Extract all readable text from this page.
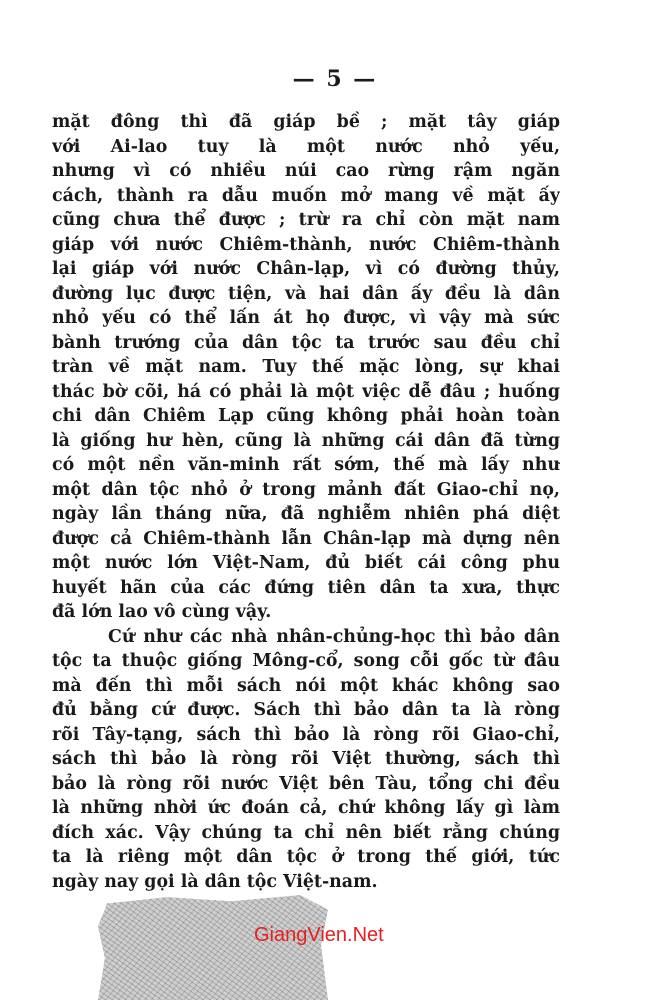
— 5 —
mặt đông thì đã giáp bề ; mặt tây giáp
với Ai-lao tuy là một nước nhỏ yếu,
nhưng vì có nhiều núi cao rừng rậm ngăn
cách, thành ra dẫu muốn mở mang về mặt ấy
cũng chưa thể được ; trừ ra chỉ còn mặt nam
giáp với nước Chiêm-thành, nước Chiêm-thành
lại giáp với nước Chân-lạp, vì có đường thủy,
đường lục được tiện, và hai dân ấy đều là dân
nhỏ yếu có thể lấn át họ được, vì vậy mà sức
bành trướng của dân tộc ta trước sau đều chỉ
tràn về mặt nam. Tuy thế mặc lòng, sự khai
thác bờ cõi, há có phải là một việc dễ đâu ; huống
chi dân Chiêm Lạp cũng không phải hoàn toàn
là giống hư hèn, cũng là những cái dân đã từng
có một nền văn-minh rất sớm, thế mà lấy như
một dân tộc nhỏ ở trong mảnh đất Giao-chỉ nọ,
ngày lần tháng nữa, đã nghiễm nhiên phá diệt
được cả Chiêm-thành lẫn Chân-lạp mà dựng nên
một nước lớn Việt-Nam, đủ biết cái công phu
huyết hãn của các đứng tiên dân ta xưa, thực
đã lớn lao vô cùng vậy.
Cứ như các nhà nhân-chủng-học thì bảo dân
tộc ta thuộc giống Mông-cổ, song cỗi gốc từ đâu
mà đến thì mỗi sách nói một khác không sao
đủ bằng cứ được. Sách thì bảo dân ta là ròng
rõi Tây-tạng, sách thì bảo là ròng rõi Giao-chỉ,
sách thì bảo là ròng rõi Việt thường, sách thì
bảo là ròng rõi nước Việt bên Tàu, tổng chi đều
là những nhời ức đoán cả, chứ không lấy gì làm
đích xác. Vậy chúng ta chỉ nên biết rằng chúng
ta là riêng một dân tộc ở trong thế giới, tức
ngày nay gọi là dân tộc Việt-nam.
GiangVien.Net
